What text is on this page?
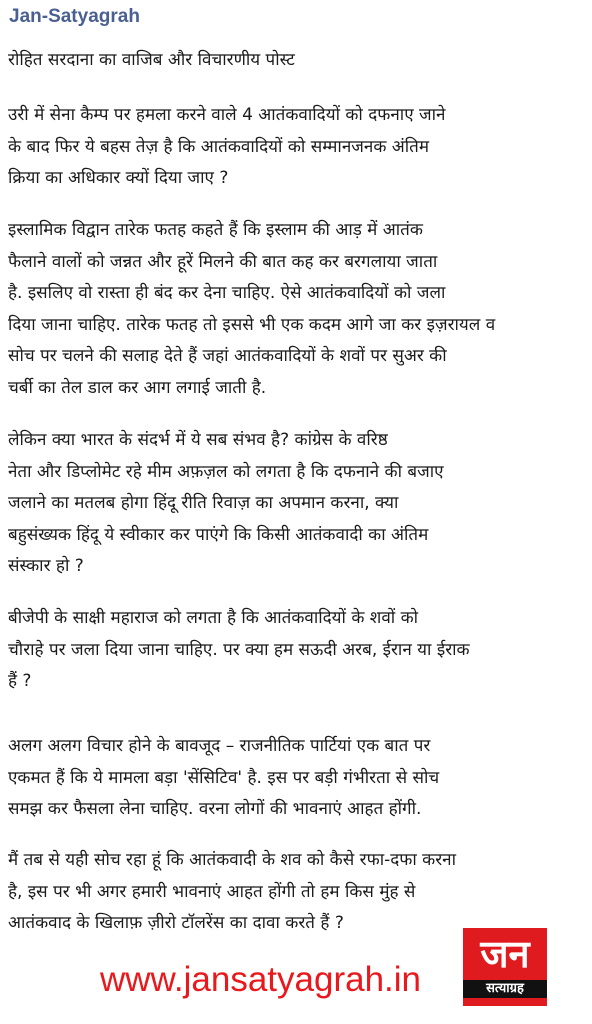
Jan-Satyagrah
रोहित सरदाना का वाजिब और विचारणीय पोस्ट
उरी में सेना कैम्प पर हमला करने वाले 4 आतंकवादियों को दफनाए जाने
के बाद फिर ये बहस तेज़ है कि आतंकवादियों को सम्मानजनक अंतिम
क्रिया का अधिकार क्यों दिया जाए ?
इस्लामिक विद्वान तारेक फतह कहते हैं कि इस्लाम की आड़ में आतंक
फैलाने वालों को जन्नत और हूरें मिलने की बात कह कर बरगलाया जाता
है. इसलिए वो रास्ता ही बंद कर देना चाहिए. ऐसे आतंकवादियों को जला
दिया जाना चाहिए. तारेक फतह तो इससे भी एक कदम आगे जा कर इज़रायल व
सोच पर चलने की सलाह देते हैं जहां आतंकवादियों के शवों पर सुअर की
चर्बी का तेल डाल कर आग लगाई जाती है.
लेकिन क्या भारत के संदर्भ में ये सब संभव है? कांग्रेस के वरिष्ठ
नेता और डिप्लोमेट रहे मीम अफ़ज़ल को लगता है कि दफनाने की बजाए
जलाने का मतलब होगा हिंदू रीति रिवाज़ का अपमान करना, क्या
बहुसंख्यक हिंदू ये स्वीकार कर पाएंगे कि किसी आतंकवादी का अंतिम
संस्कार हो ?
बीजेपी के साक्षी महाराज को लगता है कि आतंकवादियों के शवों को
चौराहे पर जला दिया जाना चाहिए. पर क्या हम सऊदी अरब, ईरान या ईराक
हैं ?
अलग अलग विचार होने के बावजूद – राजनीतिक पार्टियां एक बात पर
एकमत हैं कि ये मामला बड़ा 'सेंसिटिव' है. इस पर बड़ी गंभीरता से सोच
समझ कर फैसला लेना चाहिए. वरना लोगों की भावनाएं आहत होंगी.
मैं तब से यही सोच रहा हूं कि आतंकवादी के शव को कैसे रफा-दफा करना
है, इस पर भी अगर हमारी भावनाएं आहत होंगी तो हम किस मुंह से
आतंकवाद के खिलाफ़ ज़ीरो टॉलरेंस का दावा करते हैं ?
www.jansatyagrah.in
जन
सत्याग्रह
